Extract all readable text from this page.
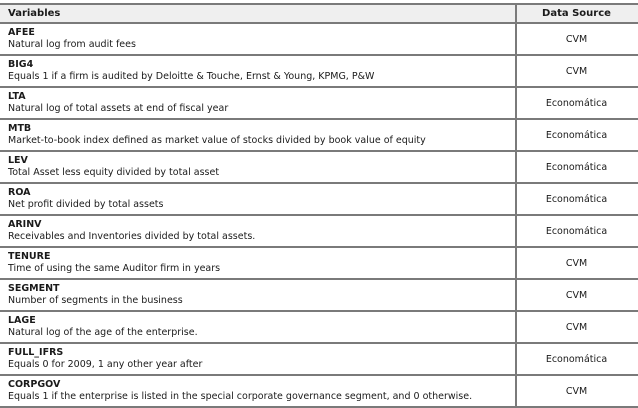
Variables	Data Source
AFEE
Natural log from audit fees	CVM
BIG4
Equals 1 if a firm is audited by Deloitte & Touche, Ernst & Young, KPMG, P&W	CVM
LTA
Natural log of total assets at end of fiscal year	Economática
MTB
Market-to-book index defined as market value of stocks divided by book value of equity	Economática
LEV
Total Asset less equity divided by total asset	Economática
ROA
Net profit divided by total assets	Economática
ARINV
Receivables and Inventories divided by total assets.	Economática
TENURE
Time of using the same Auditor firm in years	CVM
SEGMENT
Number of segments in the business	CVM
LAGE
Natural log of the age of the enterprise.	CVM
FULL_IFRS
Equals 0 for 2009, 1 any other year after	Economática
CORPGOV
Equals 1 if the enterprise is listed in the special corporate governance segment, and 0 otherwise.	CVM
